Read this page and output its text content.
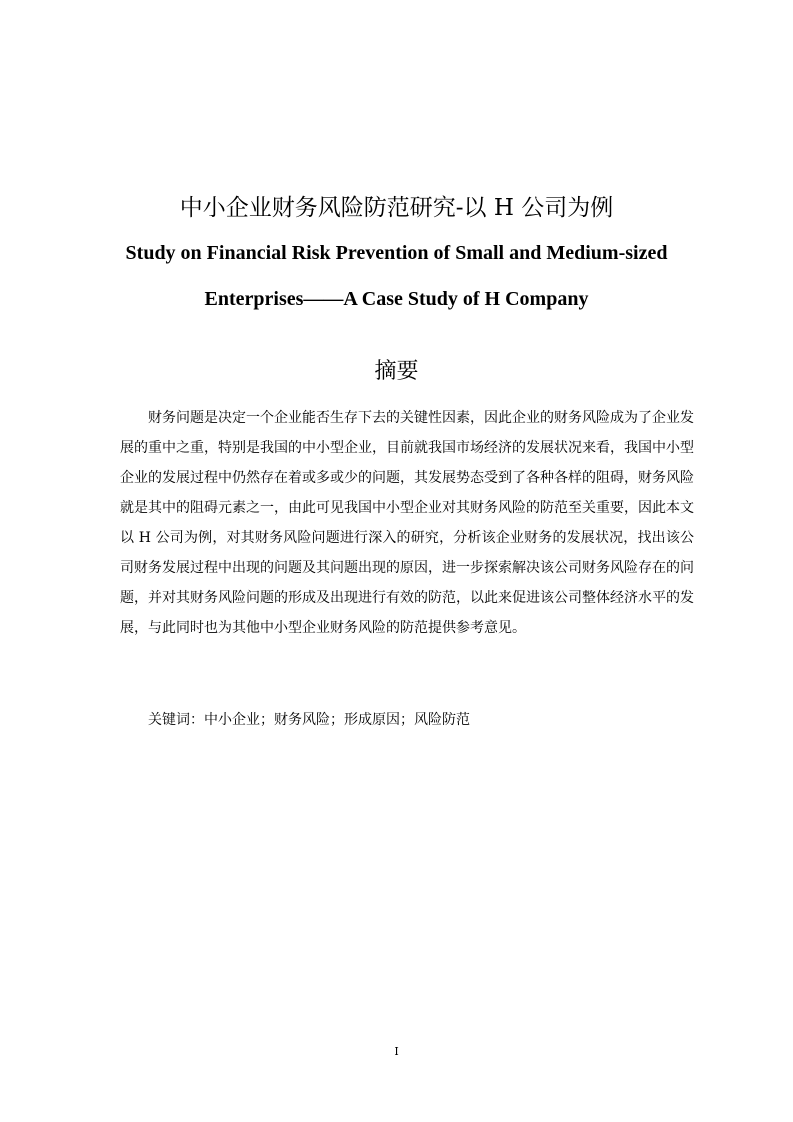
中小企业财务风险防范研究-以 H 公司为例
Study on Financial Risk Prevention of Small and Medium-sized Enterprises——A Case Study of H Company
摘要

财务问题是决定一个企业能否生存下去的关键性因素，因此企业的财务风险成为了企业发展的重中之重，特别是我国的中小型企业，目前就我国市场经济的发展状况来看，我国中小型企业的发展过程中仍然存在着或多或少的问题，其发展势态受到了各种各样的阻碍，财务风险就是其中的阻碍元素之一，由此可见我国中小型企业对其财务风险的防范至关重要，因此本文以 H 公司为例，对其财务风险问题进行深入的研究，分析该企业财务的发展状况，找出该公司财务发展过程中出现的问题及其问题出现的原因，进一步探索解决该公司财务风险存在的问题，并对其财务风险问题的形成及出现进行有效的防范，以此来促进该公司整体经济水平的发展，与此同时也为其他中小型企业财务风险的防范提供参考意见。

关键词：中小企业；财务风险；形成原因；风险防范
I
